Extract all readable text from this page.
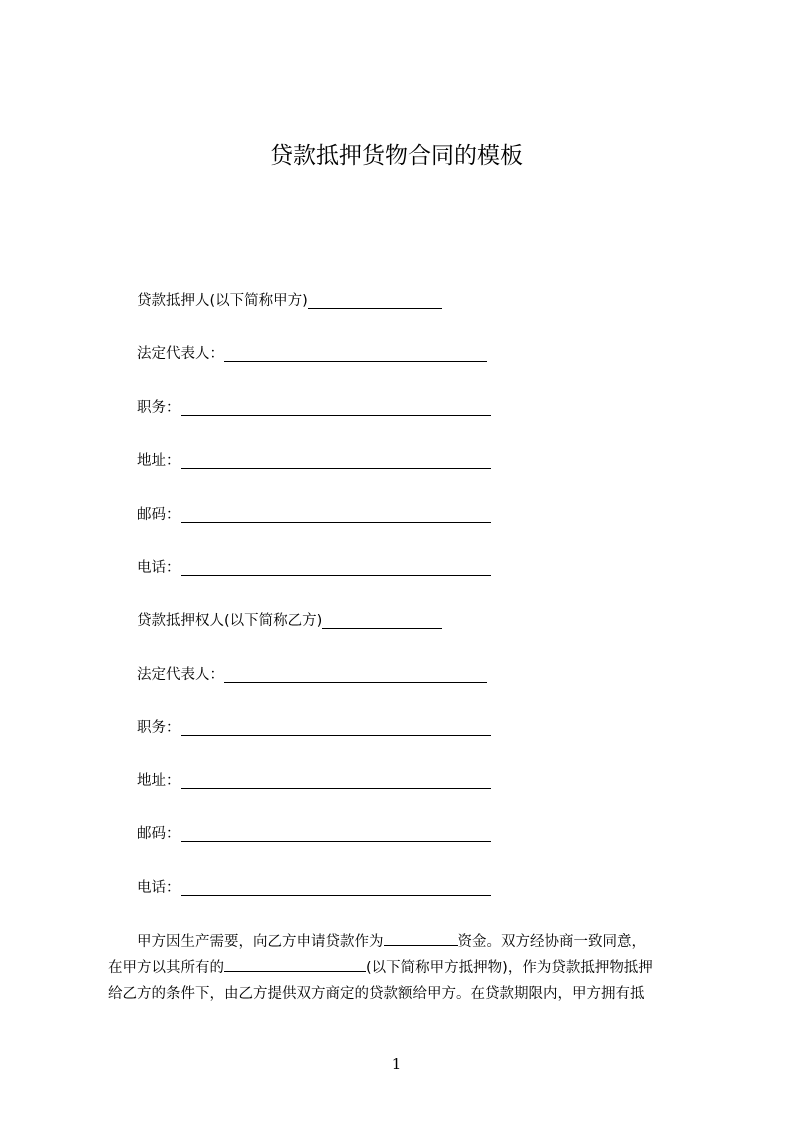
贷款抵押货物合同的模板
贷款抵押人(以下简称甲方)
法定代表人：
职务：
地址：
邮码：
电话：
贷款抵押权人(以下简称乙方)
法定代表人：
职务：
地址：
邮码：
电话：
甲方因生产需要，向乙方申请贷款作为	资金。双方经协商一致同意，
在甲方以其所有的	(以下简称甲方抵押物)，作为贷款抵押物抵押
给乙方的条件下，由乙方提供双方商定的贷款额给甲方。在贷款期限内，甲方拥有抵
1
